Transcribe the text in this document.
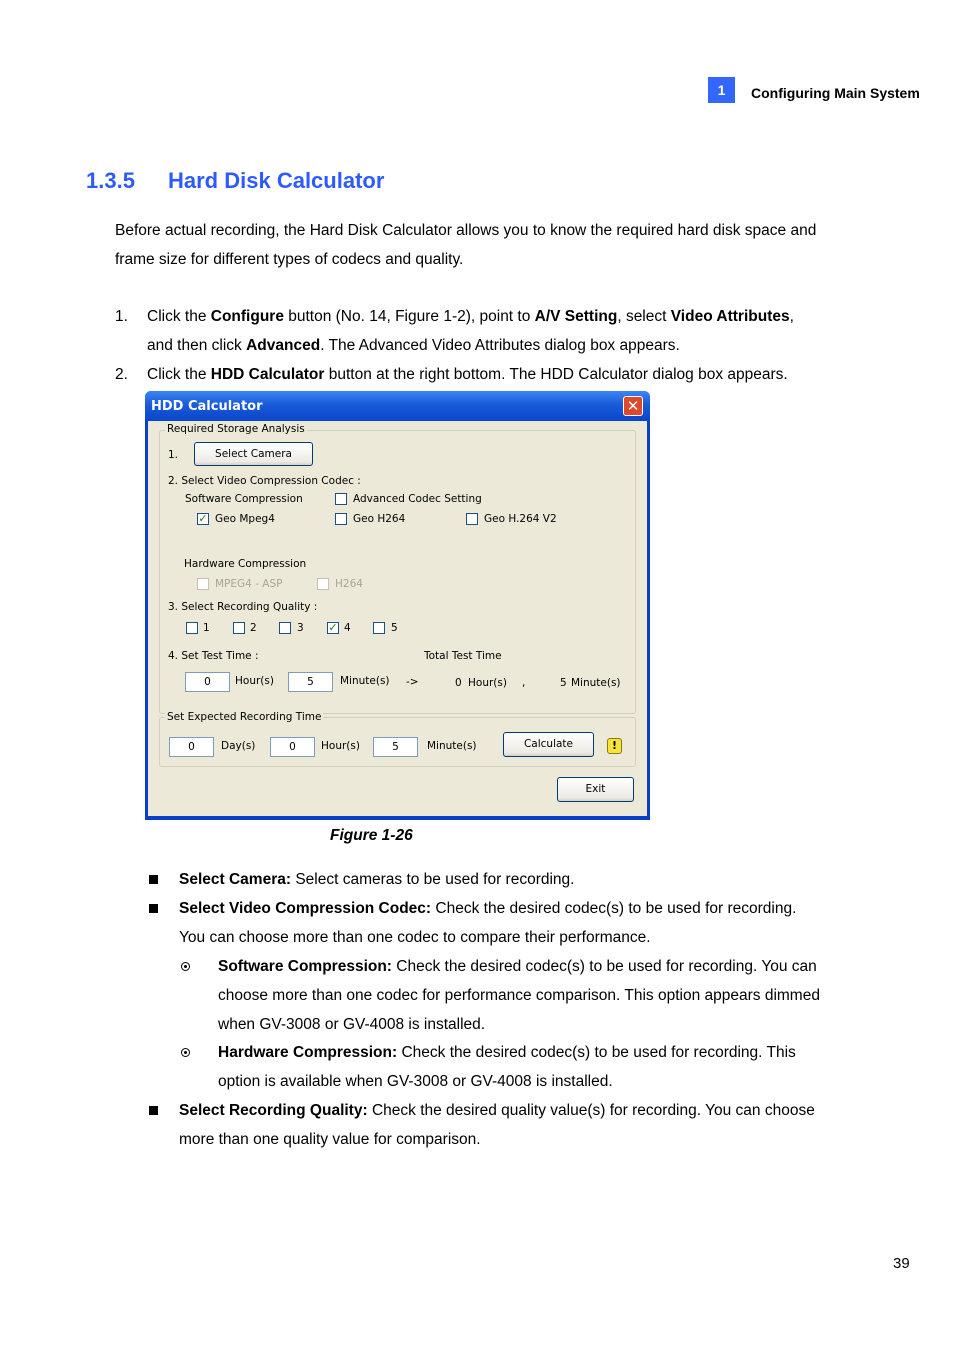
1	Configuring Main System
1.3.5 Hard Disk Calculator
Before actual recording, the Hard Disk Calculator allows you to know the required hard disk space and
frame size for different types of codecs and quality.
1. Click the Configure button (No. 14, Figure 1-2), point to A/V Setting, select Video Attributes,
and then click Advanced. The Advanced Video Attributes dialog box appears.
2. Click the HDD Calculator button at the right bottom. The HDD Calculator dialog box appears.
HDD Calculator	✕
Required Storage Analysis
1.	Select Camera
2. Select Video Compression Codec :
Software Compression	Advanced Codec Setting
✓ Geo Mpeg4	Geo H264	Geo H.264 V2
Hardware Compression
MPEG4 - ASP	H264
3. Select Recording Quality :
1	2	3 ✓ 4	5
4. Set Test Time :	Total Test Time
0	Hour(s)	5	Minute(s) ->	0 Hour(s) ,	5 Minute(s)
Set Expected Recording Time
0	Day(s)	0	Hour(s)	5	Minute(s)	Calculate	!
Exit
Figure 1-26
Select Camera: Select cameras to be used for recording.
Select Video Compression Codec: Check the desired codec(s) to be used for recording.
You can choose more than one codec to compare their performance.
Software Compression: Check the desired codec(s) to be used for recording. You can
choose more than one codec for performance comparison. This option appears dimmed
when GV-3008 or GV-4008 is installed.
Hardware Compression: Check the desired codec(s) to be used for recording. This
option is available when GV-3008 or GV-4008 is installed.
Select Recording Quality: Check the desired quality value(s) for recording. You can choose
more than one quality value for comparison.
39
